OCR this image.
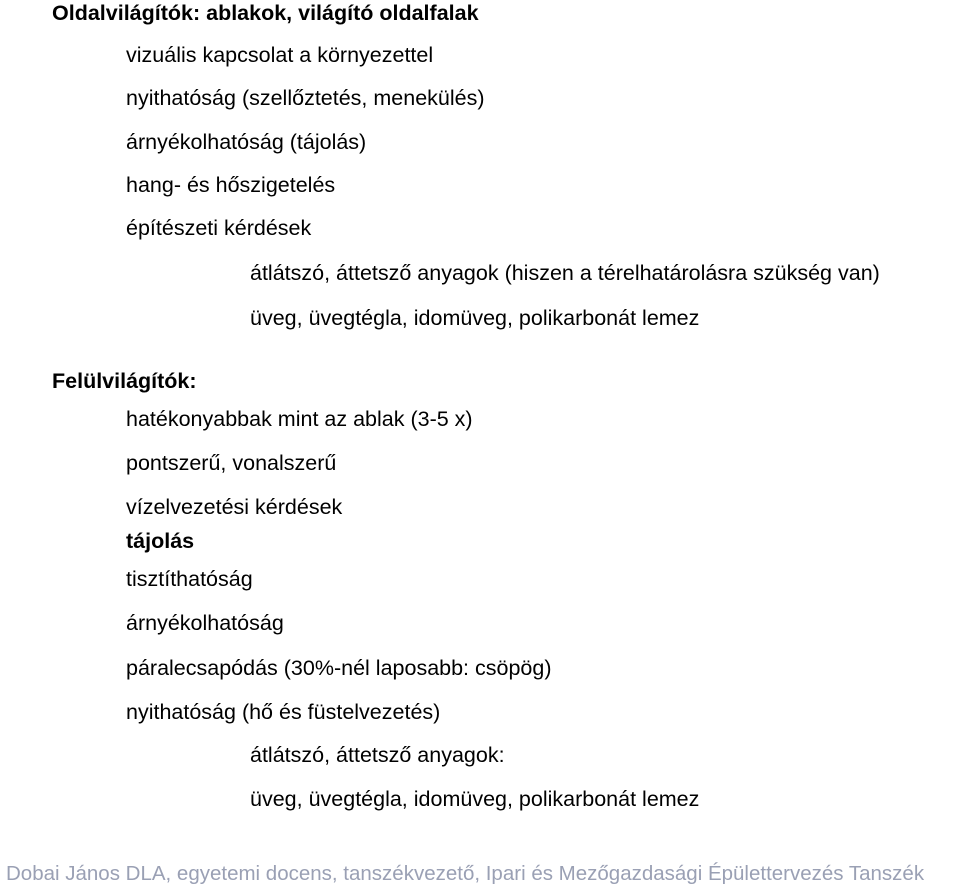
Oldalvilágítók: ablakok, világító oldalfalak
vizuális kapcsolat a környezettel
nyithatóság (szellőztetés, menekülés)
árnyékolhatóság (tájolás)
hang- és hőszigetelés
építészeti kérdések
átlátszó, áttetsző anyagok (hiszen a térelhatárolásra szükség van)
üveg, üvegtégla, idomüveg, polikarbonát lemez
Felülvilágítók:
hatékonyabbak mint az ablak (3-5 x)
pontszerű, vonalszerű
vízelvezetési kérdések
tájolás
tisztíthatóság
árnyékolhatóság
páralecsapódás (30%-nél laposabb: csöpög)
nyithatóság (hő és füstelvezetés)
átlátszó, áttetsző anyagok:
üveg, üvegtégla, idomüveg, polikarbonát lemez
Dobai János DLA, egyetemi docens, tanszékvezető, Ipari és Mezőgazdasági Épülettervezés Tanszék
